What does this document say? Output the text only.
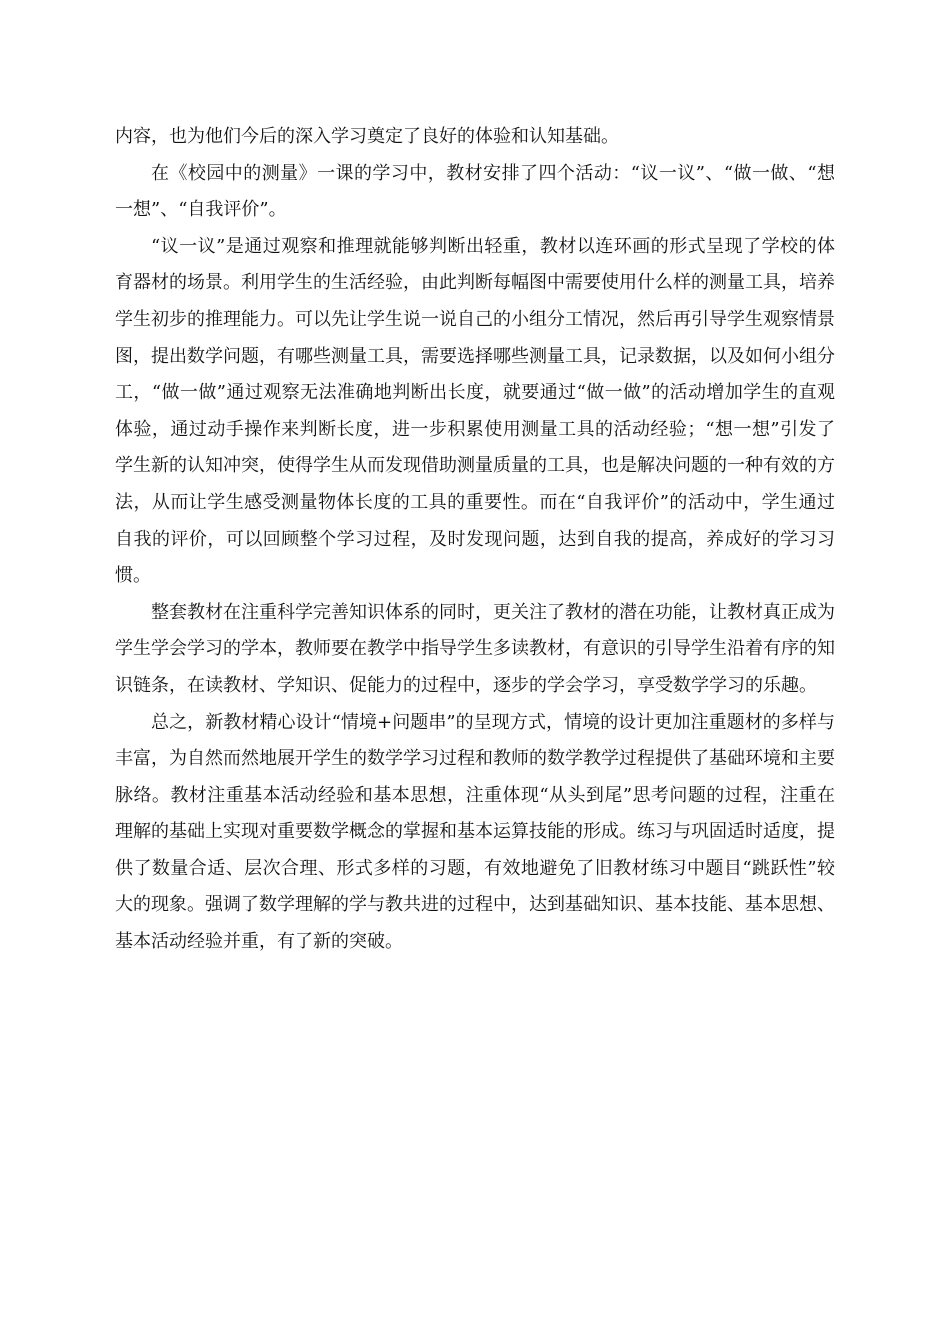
内容，也为他们今后的深入学习奠定了良好的体验和认知基础。

在《校园中的测量》一课的学习中，教材安排了四个活动：“议一议”、“做一做、“想一想”、“自我评价”。

“议一议”是通过观察和推理就能够判断出轻重，教材以连环画的形式呈现了学校的体育器材的场景。利用学生的生活经验，由此判断每幅图中需要使用什么样的测量工具，培养学生初步的推理能力。可以先让学生说一说自己的小组分工情况，然后再引导学生观察情景图，提出数学问题，有哪些测量工具，需要选择哪些测量工具，记录数据，以及如何小组分工，“做一做”通过观察无法准确地判断出长度，就要通过“做一做”的活动增加学生的直观体验，通过动手操作来判断长度，进一步积累使用测量工具的活动经验；“想一想”引发了学生新的认知冲突，使得学生从而发现借助测量质量的工具，也是解决问题的一种有效的方法，从而让学生感受测量物体长度的工具的重要性。而在“自我评价”的活动中，学生通过自我的评价，可以回顾整个学习过程，及时发现问题，达到自我的提高，养成好的学习习惯。

整套教材在注重科学完善知识体系的同时，更关注了教材的潜在功能，让教材真正成为学生学会学习的学本，教师要在教学中指导学生多读教材，有意识的引导学生沿着有序的知识链条，在读教材、学知识、促能力的过程中，逐步的学会学习，享受数学学习的乐趣。

总之，新教材精心设计“情境+问题串”的呈现方式，情境的设计更加注重题材的多样与丰富，为自然而然地展开学生的数学学习过程和教师的数学教学过程提供了基础环境和主要脉络。教材注重基本活动经验和基本思想，注重体现“从头到尾”思考问题的过程，注重在理解的基础上实现对重要数学概念的掌握和基本运算技能的形成。练习与巩固适时适度，提供了数量合适、层次合理、形式多样的习题，有效地避免了旧教材练习中题目“跳跃性”较大的现象。强调了数学理解的学与教共进的过程中，达到基础知识、基本技能、基本思想、基本活动经验并重，有了新的突破。
